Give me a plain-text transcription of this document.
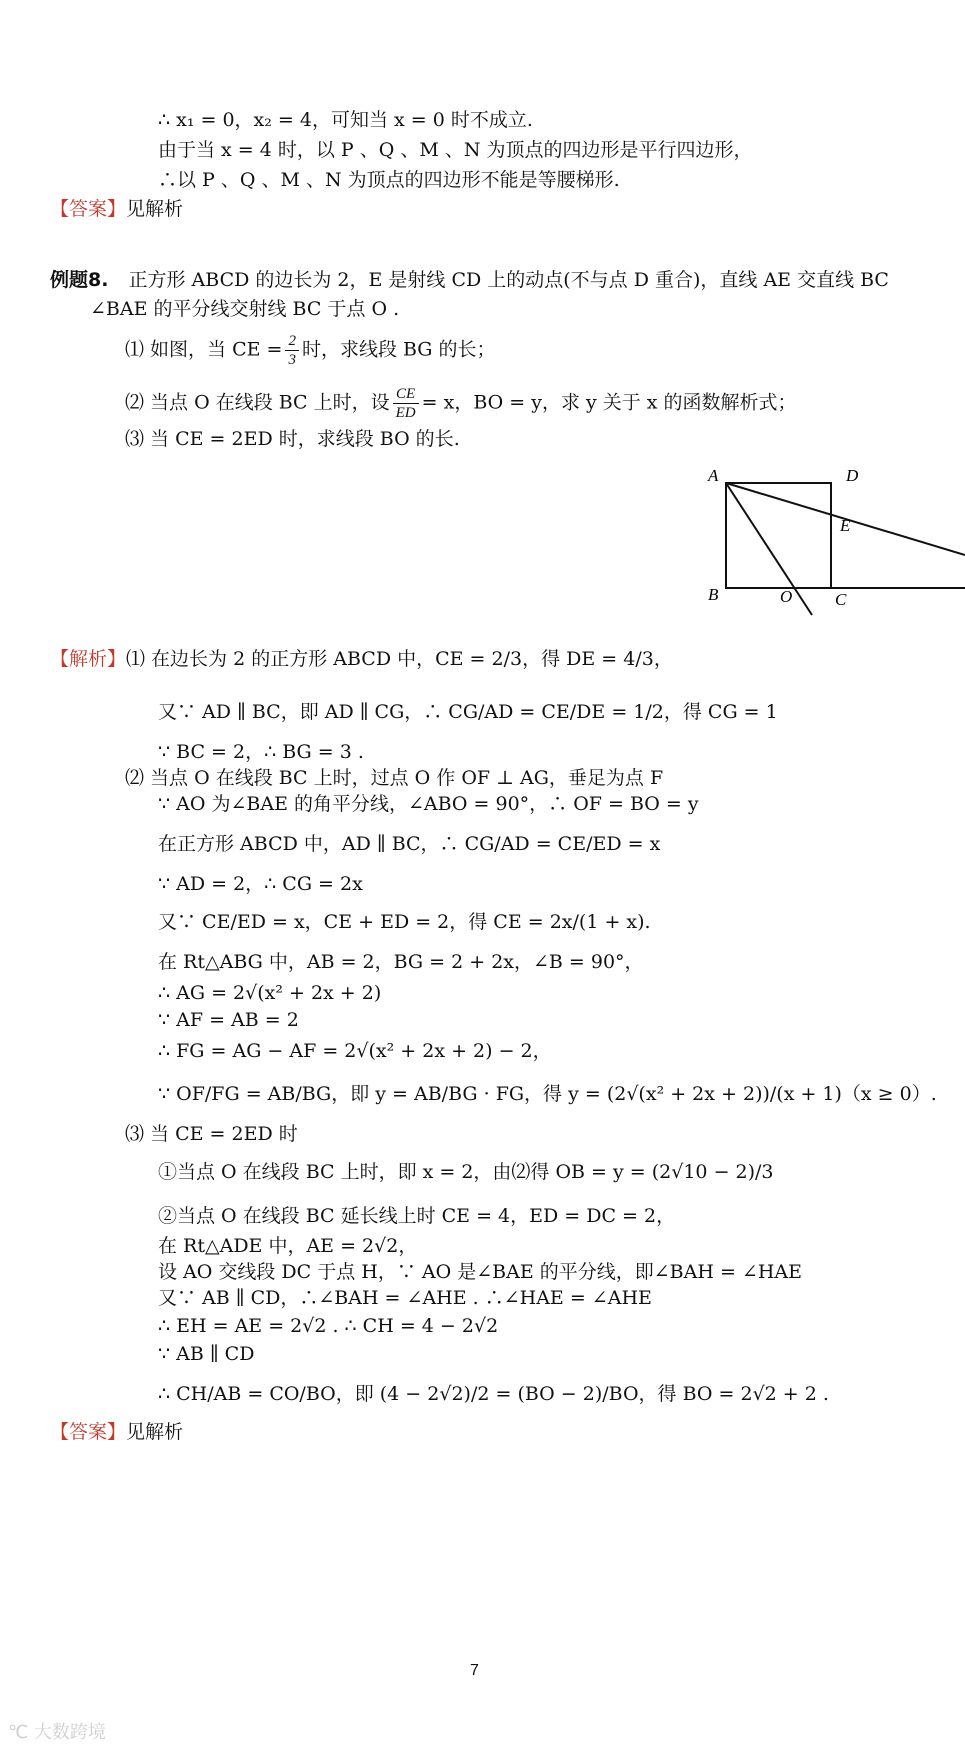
∴ x₁ = 0，x₂ = 4，可知当 x = 0 时不成立.
由于当 x = 4 时，以 P 、Q 、M 、N 为顶点的四边形是平行四边形，
∴以 P 、Q 、M 、N 为顶点的四边形不能是等腰梯形.
【答案】见解析
例题8. 正方形 ABCD 的边长为 2，E 是射线 CD 上的动点(不与点 D 重合)，直线 AE 交直线 BC
∠BAE 的平分线交射线 BC 于点 O .
⑴ 如图，当 CE = $\frac{2}{3}$ 时，求线段 BG 的长；
⑵ 当点 O 在线段 BC 上时，设 $\frac{CE}{ED} = x$，BO = y，求 y 关于 x 的函数解析式；
⑶ 当 CE = 2ED 时，求线段 BO 的长.
A	D
E
B	O	C
【解析】⑴ 在边长为 2 的正方形 ABCD 中，CE = 2/3，得 DE = 4/3，
又∵ AD ∥ BC，即 AD ∥ CG，∴ CG/AD = CE/DE = 1/2，得 CG = 1
∵ BC = 2，∴ BG = 3 .
⑵ 当点 O 在线段 BC 上时，过点 O 作 OF ⊥ AG，垂足为点 F
∵ AO 为∠BAE 的角平分线，∠ABO = 90°，∴ OF = BO = y
在正方形 ABCD 中，AD ∥ BC，∴ CG/AD = CE/ED = x
∵ AD = 2，∴ CG = 2x
又∵ CE/ED = x，CE + ED = 2，得 CE = 2x/(1 + x).
在 Rt△ABG 中，AB = 2，BG = 2 + 2x，∠B = 90°，
∴ AG = 2√(x² + 2x + 2)
∵ AF = AB = 2
∴ FG = AG − AF = 2√(x² + 2x + 2) − 2，
∵ OF/FG = AB/BG，即 y = AB/BG · FG，得 y = (2√(x² + 2x + 2))/(x + 1)（x ≥ 0）.
⑶ 当 CE = 2ED 时
①当点 O 在线段 BC 上时，即 x = 2，由⑵得 OB = y = (2√10 − 2)/3
②当点 O 在线段 BC 延长线上时 CE = 4，ED = DC = 2，
在 Rt△ADE 中，AE = 2√2，
设 AO 交线段 DC 于点 H，∵ AO 是∠BAE 的平分线，即∠BAH = ∠HAE
又∵ AB ∥ CD，∴∠BAH = ∠AHE . ∴∠HAE = ∠AHE
∴ EH = AE = 2√2 . ∴ CH = 4 − 2√2
∵ AB ∥ CD
∴ CH/AB = CO/BO，即 (4 − 2√2)/2 = (BO − 2)/BO，得 BO = 2√2 + 2 .
【答案】见解析
7
℃ 大数跨境
